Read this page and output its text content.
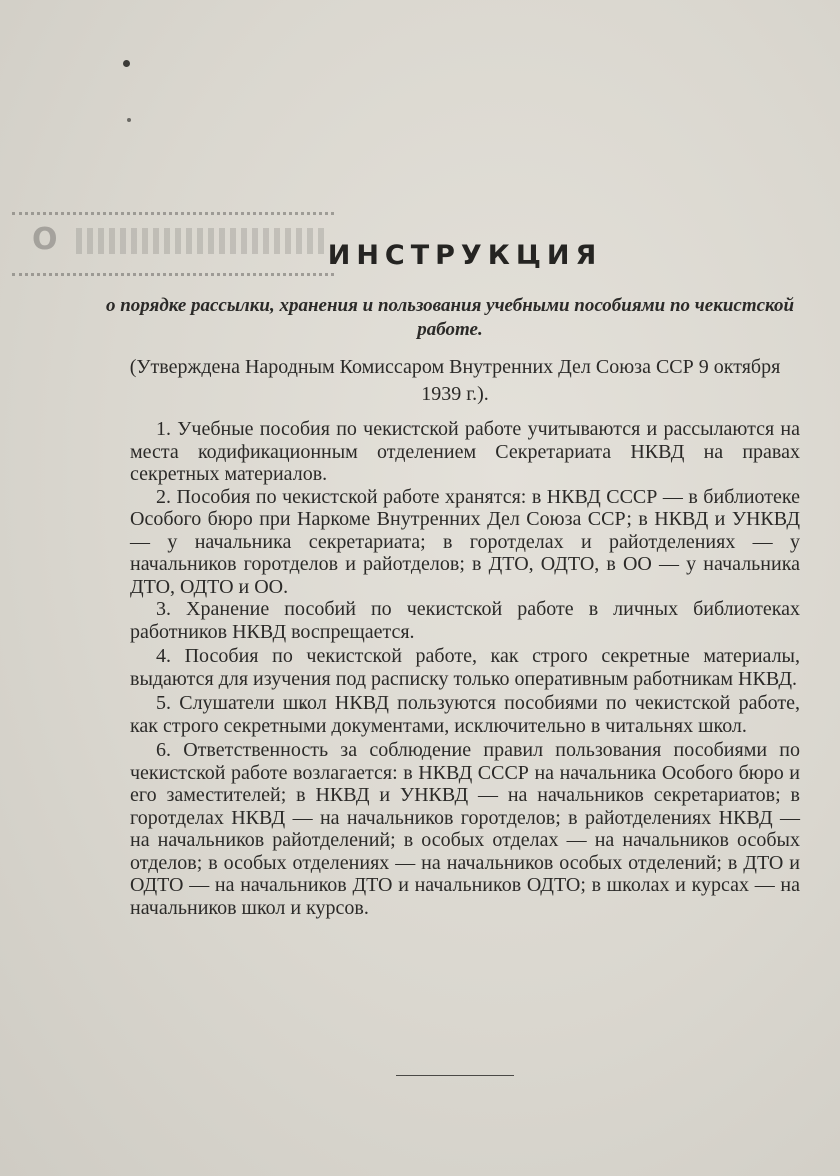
О	ИНСТРУКЦИЯ
о порядке рассылки, хранения и пользования учебными пособиями по чекистской работе.
(Утверждена Народным Комиссаром Внутренних Дел Союза ССР 9 октября 1939 г.).

1. Учебные пособия по чекистской работе учитываются и рассылаются на места кодификационным отделением Секретариата НКВД на правах секретных материалов.

2. Пособия по чекистской работе хранятся: в НКВД СССР — в библиотеке Особого бюро при Наркоме Внутренних Дел Союза ССР; в НКВД и УНКВД — у начальника секретариата; в горотделах и райотделениях — у начальников горотделов и райотделов; в ДТО, ОДТО, в ОО — у начальника ДТО, ОДТО и ОО.

3. Хранение пособий по чекистской работе в личных библиотеках работников НКВД воспрещается.

4. Пособия по чекистской работе, как строго секретные материалы, выдаются для изучения под расписку только оперативным работникам НКВД.

5. Слушатели школ НКВД пользуются пособиями по чекистской работе, как строго секретными документами, исключительно в читальнях школ.

6. Ответственность за соблюдение правил пользования пособиями по чекистской работе возлагается: в НКВД СССР на начальника Особого бюро и его заместителей; в НКВД и УНКВД — на начальников секретариатов; в горотделах НКВД — на начальников горотделов; в райотделениях НКВД — на начальников райотделений; в особых отделах — на начальников особых отделов; в особых отделениях — на начальников особых отделений; в ДТО и ОДТО — на начальников ДТО и начальников ОДТО; в школах и курсах — на начальников школ и курсов.
